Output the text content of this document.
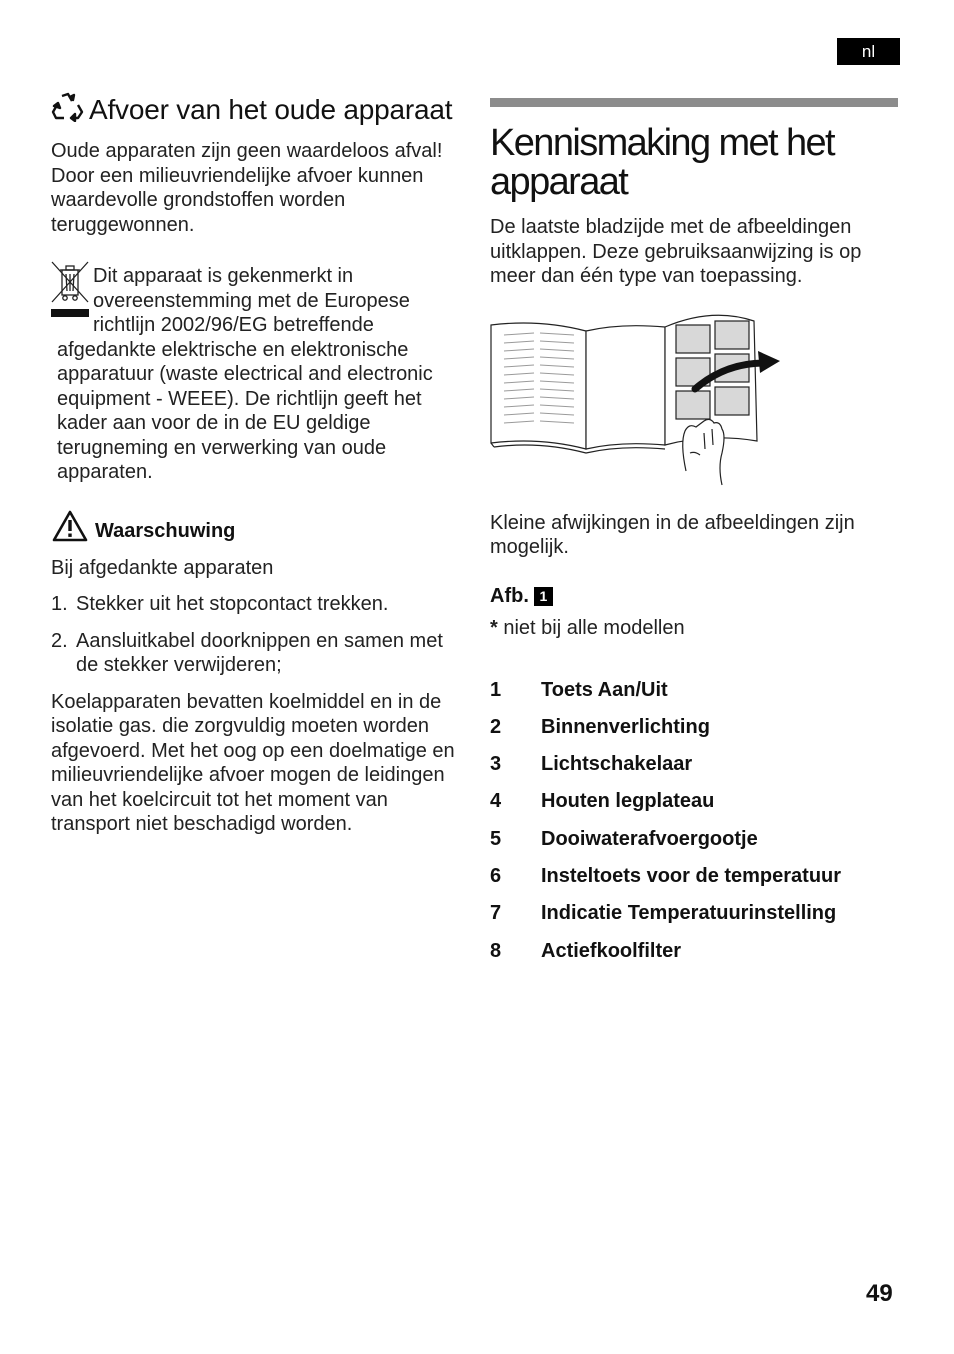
nl
Afvoer van het oude apparaat

Oude apparaten zijn geen waardeloos afval! Door een milieuvriendelijke afvoer kunnen waardevolle grondstoffen worden teruggewonnen.

Dit apparaat is gekenmerkt in
overeenstemming met de Europese
richtlijn 2002/96/EG betreffende
afgedankte elektrische en elektronische apparatuur (waste electrical and electronic equipment - WEEE). De richtlijn geeft het kader aan voor de in de EU geldige terugneming en verwerking van oude apparaten.
Waarschuwing

Bij afgedankte apparaten

1. Stekker uit het stopcontact trekken.
2. Aansluitkabel doorknippen en samen met de stekker verwijderen;

Koelapparaten bevatten koelmiddel en in de isolatie gas. die zorgvuldig moeten worden afgevoerd. Met het oog op een doelmatige en milieuvriendelijke afvoer mogen de leidingen van het koelcircuit tot het moment van transport niet beschadigd worden.

Kennismaking met het apparaat

De laatste bladzijde met de afbeeldingen uitklappen. Deze gebruiksaanwijzing is op meer dan één type van toepassing.

Kleine afwijkingen in de afbeeldingen zijn mogelijk.

Afb. 1
* niet bij alle modellen
1	Toets Aan/Uit
2	Binnenverlichting
3	Lichtschakelaar
4	Houten legplateau
5	Dooiwaterafvoergootje
6	Insteltoets voor de temperatuur
7	Indicatie Temperatuurinstelling
8	Actiefkoolfilter
49
